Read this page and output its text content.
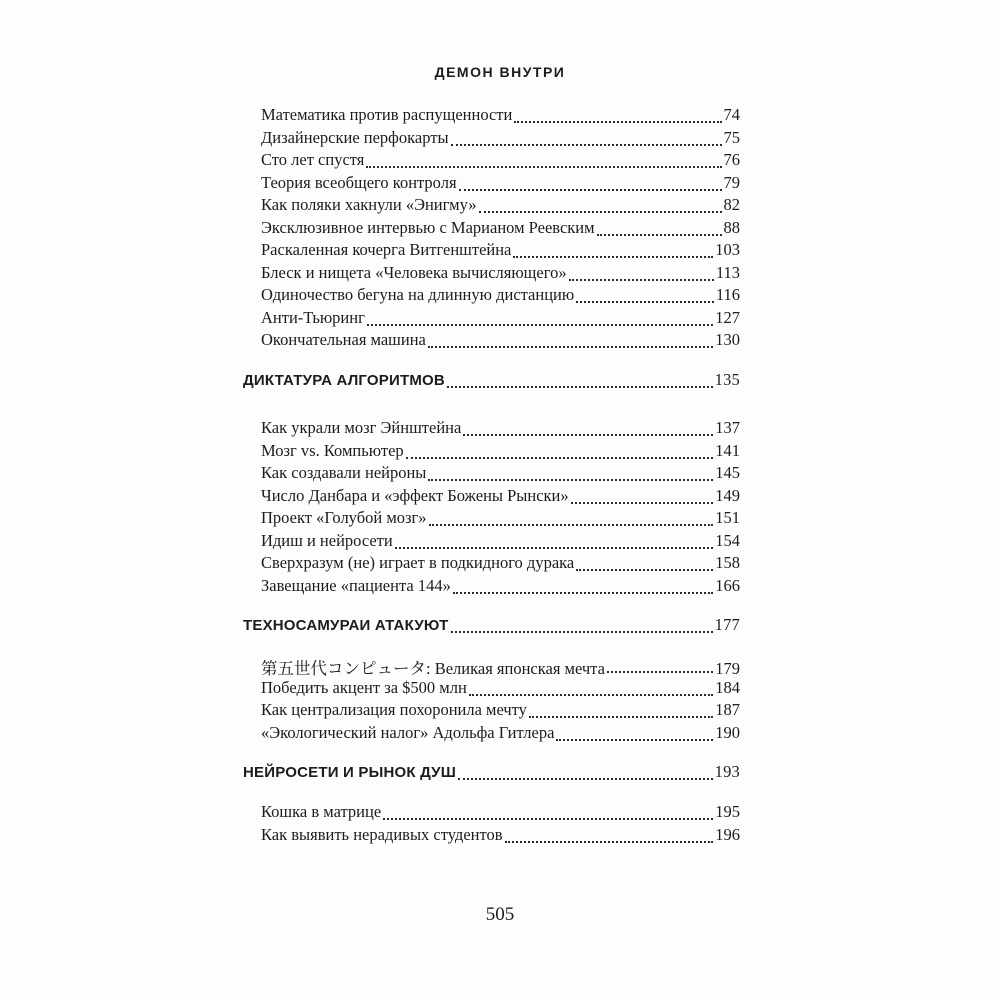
ДЕМОН ВНУТРИ
Математика против распущенности	74
Дизайнерские перфокарты	75
Сто лет спустя	76
Теория всеобщего контроля	79
Как поляки хакнули «Энигму»	82
Эксклюзивное интервью с Марианом Реевским	88
Раскаленная кочерга Витгенштейна	103
Блеск и нищета «Человека вычисляющего»	113
Одиночество бегуна на длинную дистанцию	116
Анти-Тьюринг	127
Окончательная машина	130
ДИКТАТУРА АЛГОРИТМОВ	135
Как украли мозг Эйнштейна	137
Мозг vs. Компьютер	141
Как создавали нейроны	145
Число Данбара и «эффект Божены Рынски»	149
Проект «Голубой мозг»	151
Идиш и нейросети	154
Сверхразум (не) играет в подкидного дурака	158
Завещание «пациента 144»	166
ТЕХНОСАМУРАИ АТАКУЮТ	177
第五世代コンピュータ: Великая японская мечта	179
Победить акцент за $500 млн	184
Как централизация похоронила мечту	187
«Экологический налог» Адольфа Гитлера	190
НЕЙРОСЕТИ И РЫНОК ДУШ	193
Кошка в матрице	195
Как выявить нерадивых студентов	196
505
